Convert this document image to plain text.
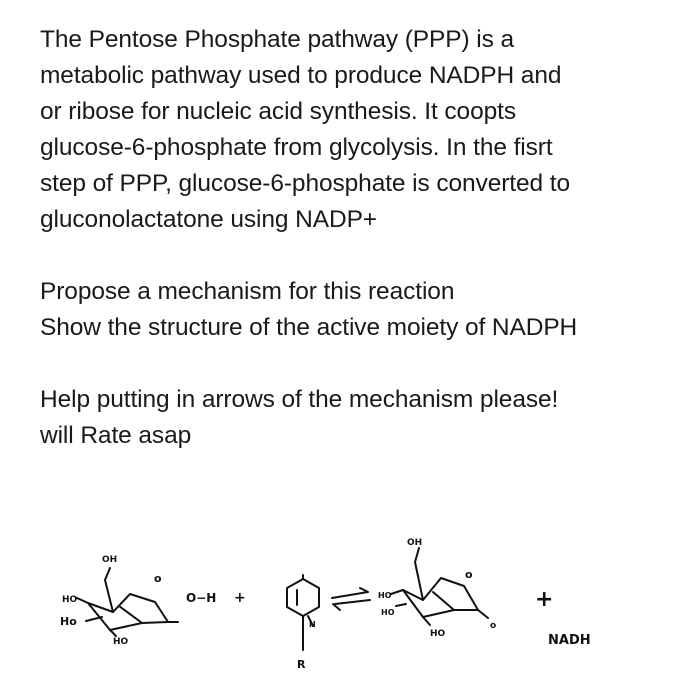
The Pentose Phosphate pathway (PPP) is a

metabolic pathway used to produce NADPH and

or ribose for nucleic acid synthesis. It coopts

glucose-6-phosphate from glycolysis. In the fisrt

step of PPP, glucose-6-phosphate is converted to

gluconolactatone using NADP+

Propose a mechanism for this reaction

Show the structure of the active moiety of NADPH

Help putting in arrows of the mechanism please!

will Rate asap

OH
HO
Ho
HO
o
O−H +
R
N
OH
HO
HO
HO
o
o
+
NADH
